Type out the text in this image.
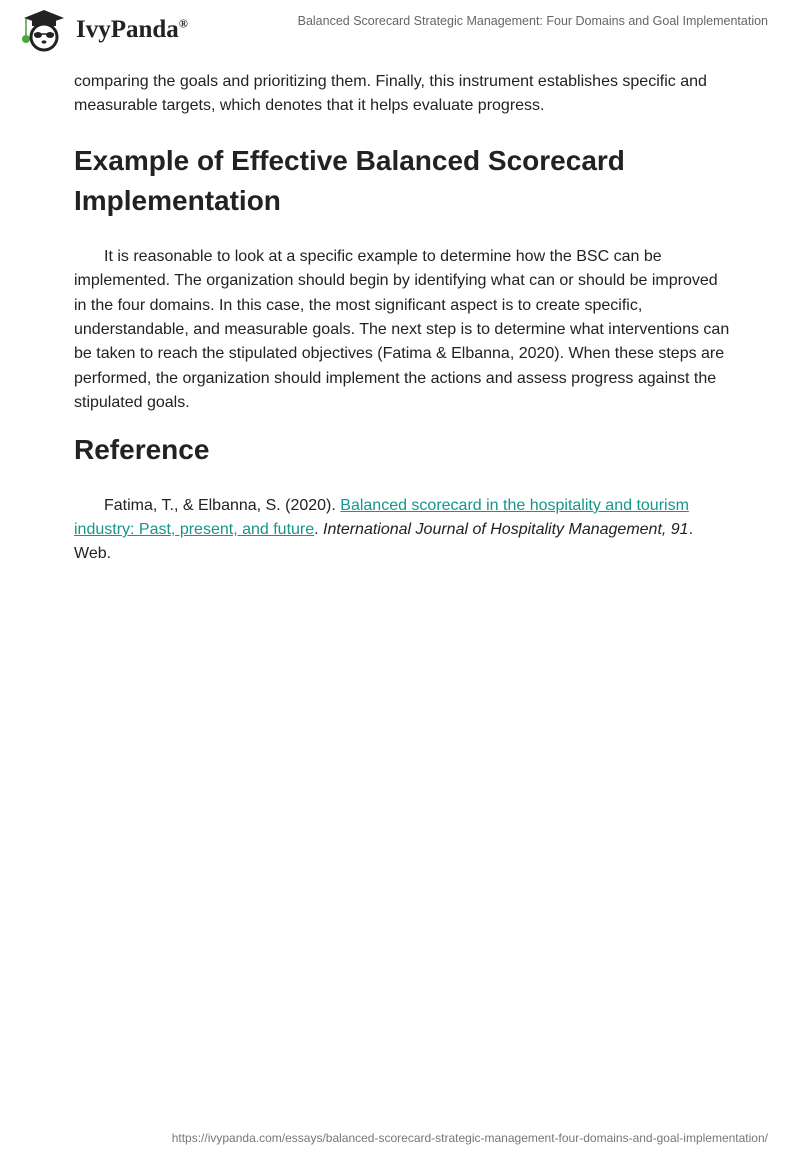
IvyPanda®	Balanced Scorecard Strategic Management: Four Domains and Goal Implementation

comparing the goals and prioritizing them. Finally, this instrument establishes specific and measurable targets, which denotes that it helps evaluate progress.

Example of Effective Balanced Scorecard Implementation

It is reasonable to look at a specific example to determine how the BSC can be implemented. The organization should begin by identifying what can or should be improved in the four domains. In this case, the most significant aspect is to create specific, understandable, and measurable goals. The next step is to determine what interventions can be taken to reach the stipulated objectives (Fatima & Elbanna, 2020). When these steps are performed, the organization should implement the actions and assess progress against the stipulated goals.

Reference

Fatima, T., & Elbanna, S. (2020). Balanced scorecard in the hospitality and tourism industry: Past, present, and future. International Journal of Hospitality Management, 91. Web.

https://ivypanda.com/essays/balanced-scorecard-strategic-management-four-domains-and-goal-implementation/
